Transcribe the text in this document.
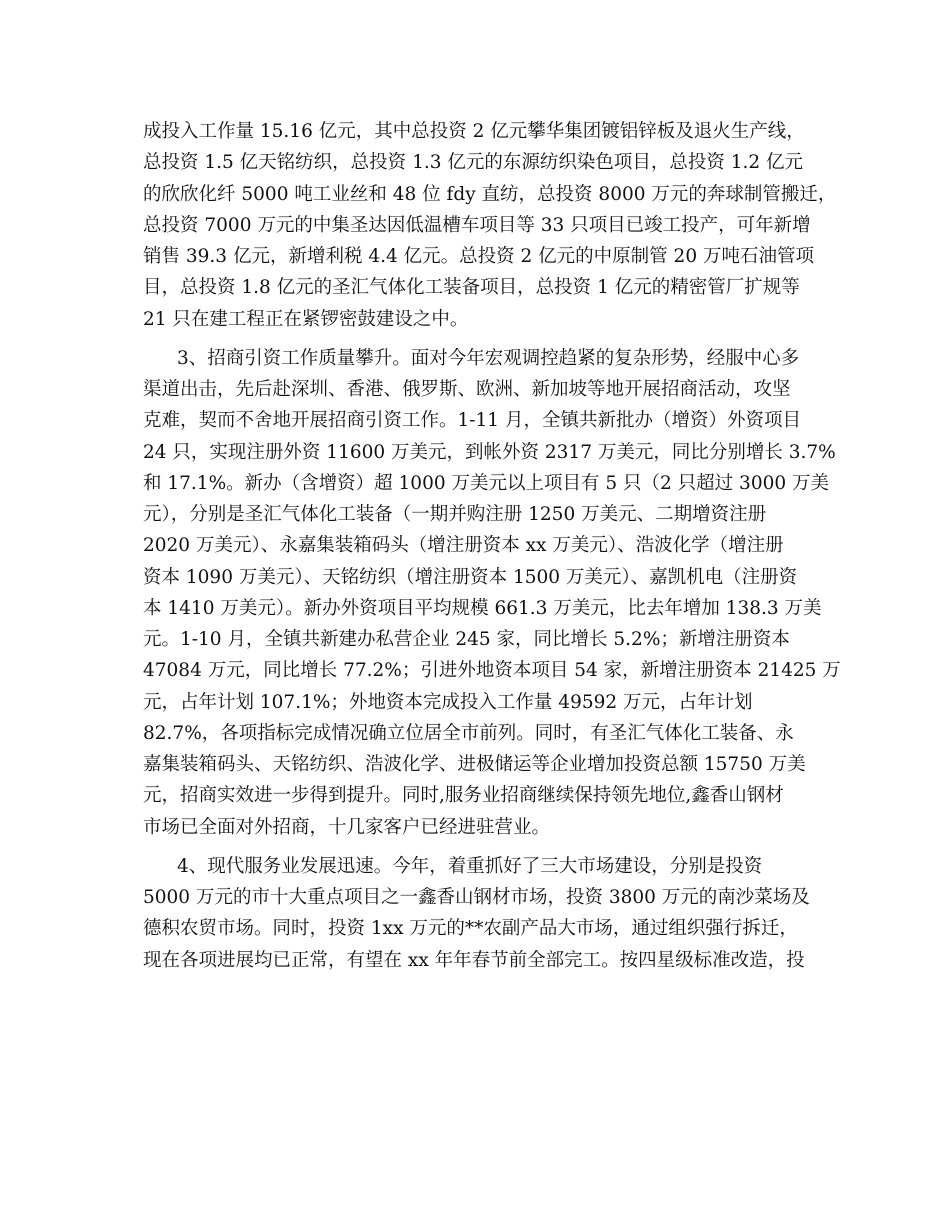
成投入工作量 15.16 亿元，其中总投资 2 亿元攀华集团镀铝锌板及退火生产线，
总投资 1.5 亿天铭纺织，总投资 1.3 亿元的东源纺织染色项目，总投资 1.2 亿元
的欣欣化纤 5000 吨工业丝和 48 位 fdy 直纺，总投资 8000 万元的奔球制管搬迁，
总投资 7000 万元的中集圣达因低温槽车项目等 33 只项目已竣工投产，可年新增
销售 39.3 亿元，新增利税 4.4 亿元。总投资 2 亿元的中原制管 20 万吨石油管项
目，总投资 1.8 亿元的圣汇气体化工装备项目，总投资 1 亿元的精密管厂扩规等
21 只在建工程正在紧锣密鼓建设之中。
3、招商引资工作质量攀升。面对今年宏观调控趋紧的复杂形势，经服中心多
渠道出击，先后赴深圳、香港、俄罗斯、欧洲、新加坡等地开展招商活动，攻坚
克难，契而不舍地开展招商引资工作。1-11 月，全镇共新批办（增资）外资项目
24 只，实现注册外资 11600 万美元，到帐外资 2317 万美元，同比分别增长 3.7%
和 17.1%。新办（含增资）超 1000 万美元以上项目有 5 只（2 只超过 3000 万美
元），分别是圣汇气体化工装备（一期并购注册 1250 万美元、二期增资注册
2020 万美元）、永嘉集装箱码头（增注册资本 xx 万美元）、浩波化学（增注册
资本 1090 万美元）、天铭纺织（增注册资本 1500 万美元）、嘉凯机电（注册资
本 1410 万美元）。新办外资项目平均规模 661.3 万美元，比去年增加 138.3 万美
元。1-10 月，全镇共新建办私营企业 245 家，同比增长 5.2%；新增注册资本
47084 万元，同比增长 77.2%；引进外地资本项目 54 家，新增注册资本 21425 万
元，占年计划 107.1%；外地资本完成投入工作量 49592 万元，占年计划
82.7%，各项指标完成情况确立位居全市前列。同时，有圣汇气体化工装备、永
嘉集装箱码头、天铭纺织、浩波化学、进极储运等企业增加投资总额 15750 万美
元，招商实效进一步得到提升。同时,服务业招商继续保持领先地位,鑫香山钢材
市场已全面对外招商，十几家客户已经进驻营业。
4、现代服务业发展迅速。今年，着重抓好了三大市场建设，分别是投资
5000 万元的市十大重点项目之一鑫香山钢材市场，投资 3800 万元的南沙菜场及
德积农贸市场。同时，投资 1xx 万元的**农副产品大市场，通过组织强行拆迁，
现在各项进展均已正常，有望在 xx 年年春节前全部完工。按四星级标准改造，投
